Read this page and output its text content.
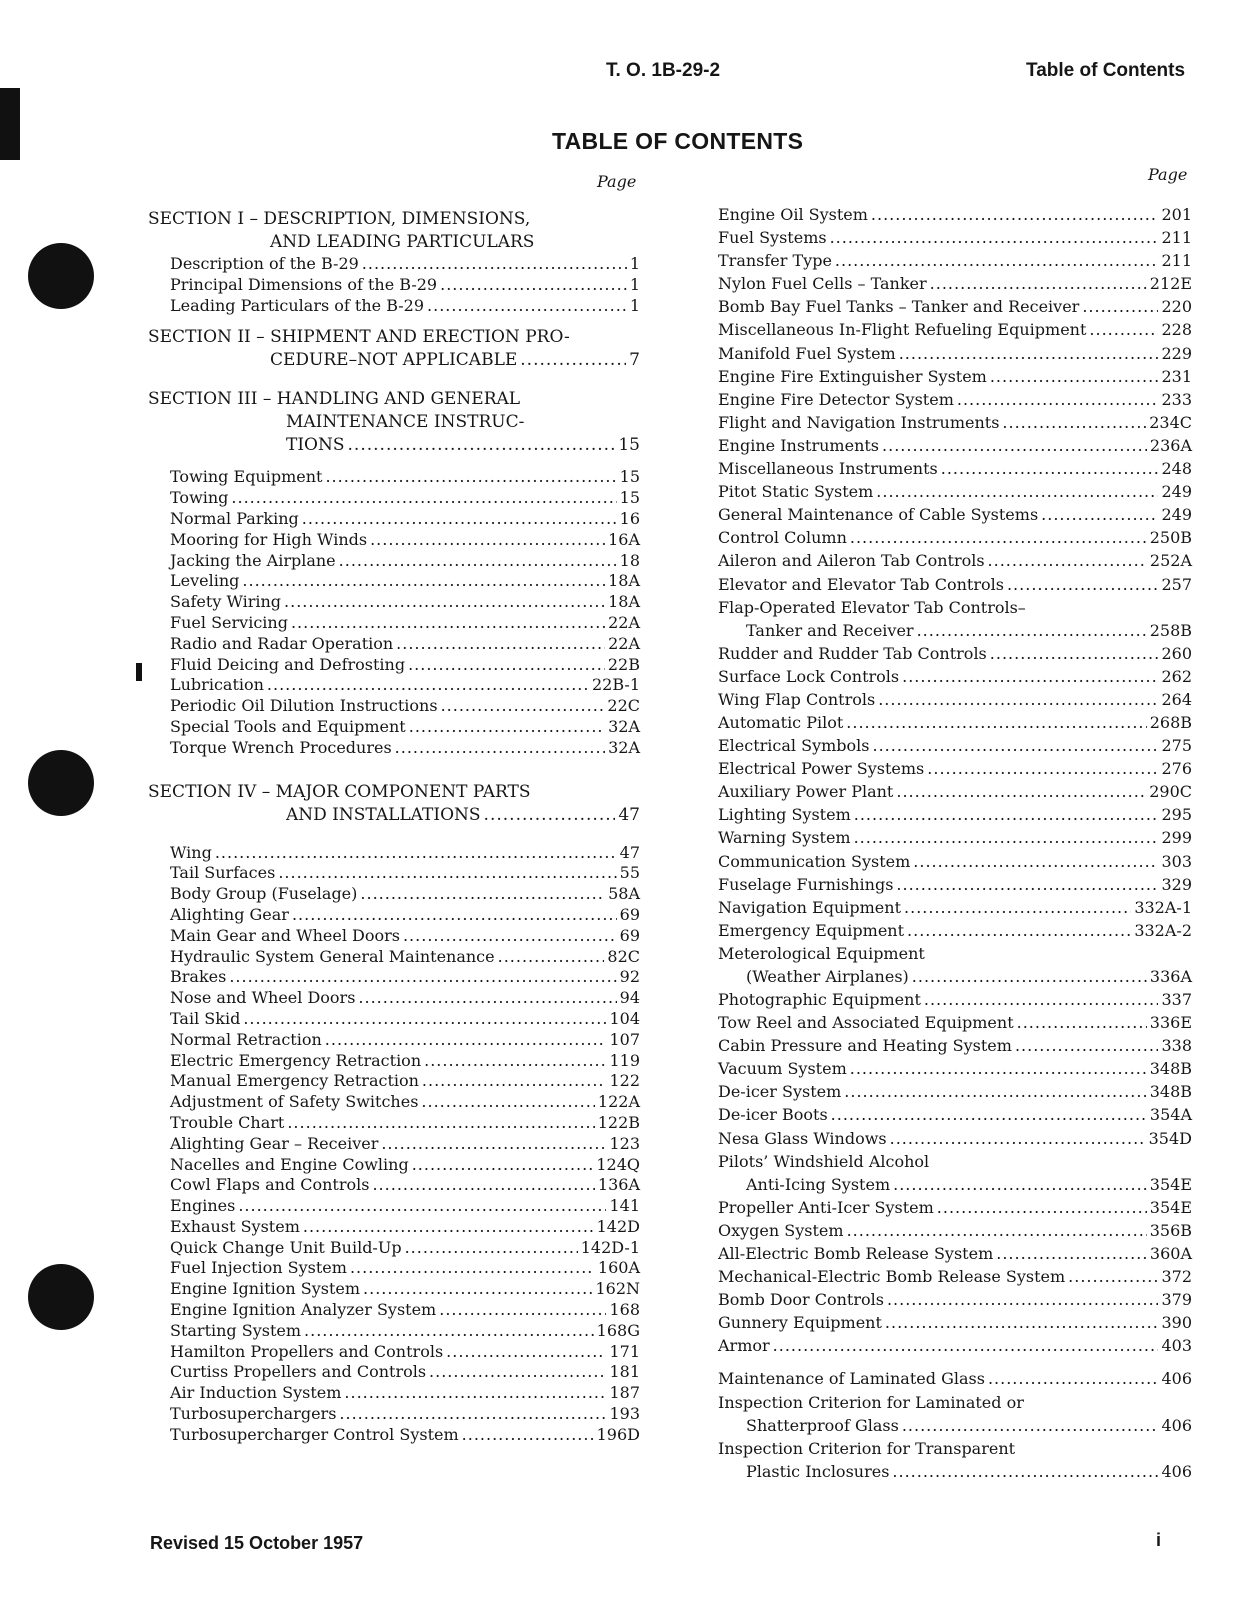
T. O. 1B-29-2	Table of Contents
TABLE OF CONTENTS
Page	Page
SECTION I – DESCRIPTION, DIMENSIONS,
AND LEADING PARTICULARS
Description of the B-29 .....	1
Principal Dimensions of the B-29 .....	1
Leading Particulars of the B-29 .....	1
SECTION II – SHIPMENT AND ERECTION PRO-
CEDURE–NOT APPLICABLE .....	7
SECTION III – HANDLING AND GENERAL
MAINTENANCE INSTRUC-
TIONS .....	15
Towing Equipment .....	15
Towing .....	15
Normal Parking .....	16
Mooring for High Winds .....	16A
Jacking the Airplane .....	18
Leveling .....	18A
Safety Wiring .....	18A
Fuel Servicing .....	22A
Radio and Radar Operation .....	22A
Fluid Deicing and Defrosting .....	22B
Lubrication .....	22B-1
Periodic Oil Dilution Instructions .....	22C
Special Tools and Equipment .....	32A
Torque Wrench Procedures .....	32A
SECTION IV – MAJOR COMPONENT PARTS
AND INSTALLATIONS .....	47
Wing .....	47
Tail Surfaces .....	55
Body Group (Fuselage) .....	58A
Alighting Gear .....	69
Main Gear and Wheel Doors .....	69
Hydraulic System General Maintenance .....	82C
Brakes .....	92
Nose and Wheel Doors .....	94
Tail Skid .....	104
Normal Retraction .....	107
Electric Emergency Retraction .....	119
Manual Emergency Retraction .....	122
Adjustment of Safety Switches .....	122A
Trouble Chart .....	122B
Alighting Gear – Receiver .....	123
Nacelles and Engine Cowling .....	124Q
Cowl Flaps and Controls .....	136A
Engines .....	141
Exhaust System .....	142D
Quick Change Unit Build-Up .....	142D-1
Fuel Injection System .....	160A
Engine Ignition System .....	162N
Engine Ignition Analyzer System .....	168
Starting System .....	168G
Hamilton Propellers and Controls .....	171
Curtiss Propellers and Controls .....	181
Air Induction System .....	187
Turbosuperchargers .....	193
Turbosupercharger Control System .....	196D
Engine Oil System .....	201
Fuel Systems .....	211
Transfer Type .....	211
Nylon Fuel Cells – Tanker .....	212E
Bomb Bay Fuel Tanks – Tanker and Receiver .....	220
Miscellaneous In-Flight Refueling Equipment .....	228
Manifold Fuel System .....	229
Engine Fire Extinguisher System .....	231
Engine Fire Detector System .....	233
Flight and Navigation Instruments .....	234C
Engine Instruments .....	236A
Miscellaneous Instruments .....	248
Pitot Static System .....	249
General Maintenance of Cable Systems .....	249
Control Column .....	250B
Aileron and Aileron Tab Controls .....	252A
Elevator and Elevator Tab Controls .....	257
Flap-Operated Elevator Tab Controls–
Tanker and Receiver .....	258B
Rudder and Rudder Tab Controls .....	260
Surface Lock Controls .....	262
Wing Flap Controls .....	264
Automatic Pilot .....	268B
Electrical Symbols .....	275
Electrical Power Systems .....	276
Auxiliary Power Plant .....	290C
Lighting System .....	295
Warning System .....	299
Communication System .....	303
Fuselage Furnishings .....	329
Navigation Equipment .....	332A-1
Emergency Equipment .....	332A-2
Meterological Equipment
(Weather Airplanes) .....	336A
Photographic Equipment .....	337
Tow Reel and Associated Equipment .....	336E
Cabin Pressure and Heating System .....	338
Vacuum System .....	348B
De-icer System .....	348B
De-icer Boots .....	354A
Nesa Glass Windows .....	354D
Pilots’ Windshield Alcohol
Anti-Icing System .....	354E
Propeller Anti-Icer System .....	354E
Oxygen System .....	356B
All-Electric Bomb Release System .....	360A
Mechanical-Electric Bomb Release System .....	372
Bomb Door Controls .....	379
Gunnery Equipment .....	390
Armor .....	403
Maintenance of Laminated Glass .....	406
Inspection Criterion for Laminated or
Shatterproof Glass .....	406
Inspection Criterion for Transparent
Plastic Inclosures .....	406
Revised 15 October 1957	i
